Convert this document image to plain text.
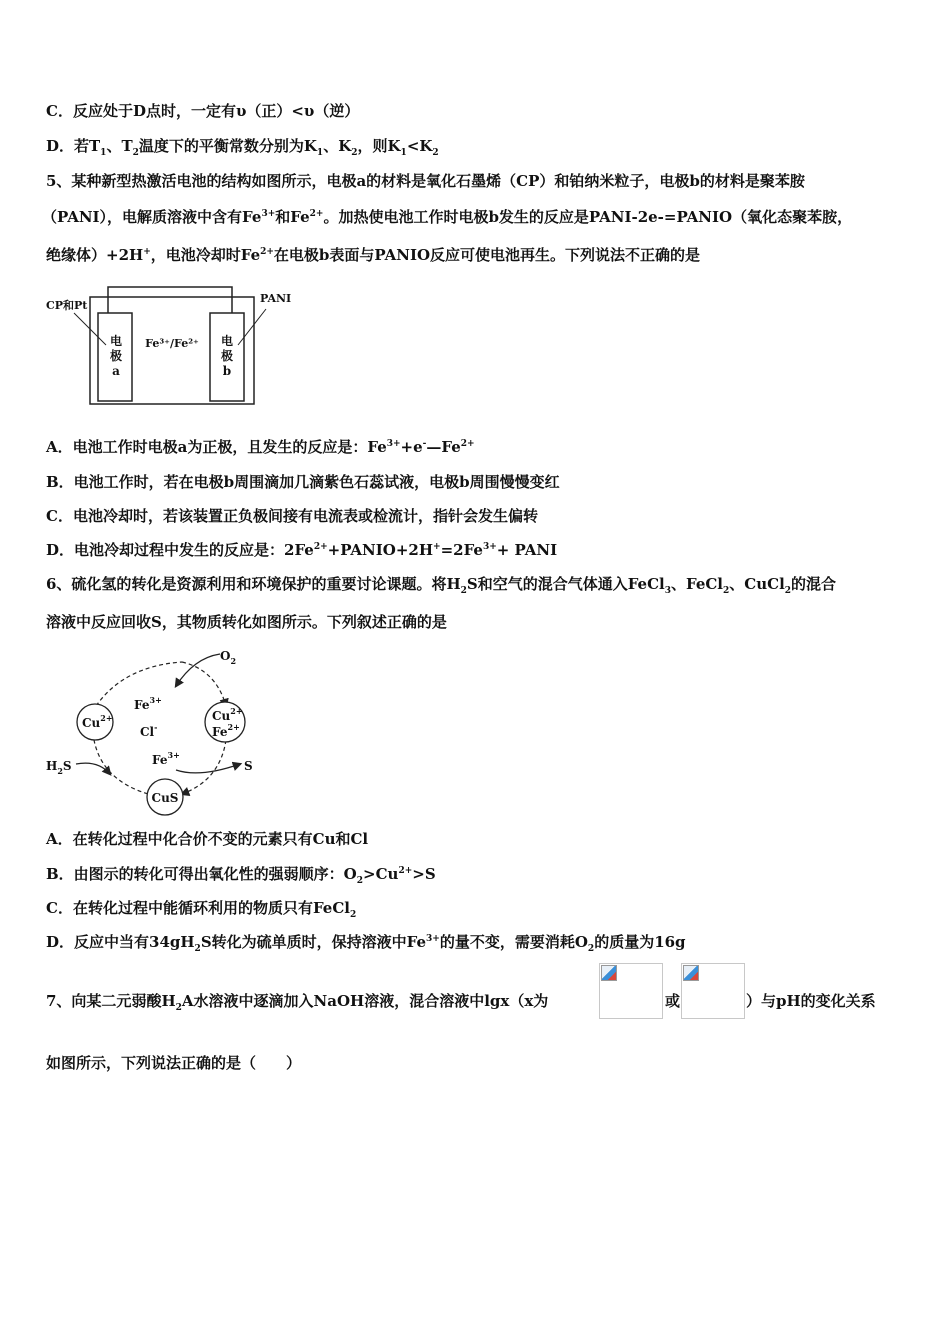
C．反应处于D点时，一定有υ（正）<υ（逆）
D．若$T_1$、$T_2$温度下的平衡常数分别为$K_1$、$K_2$，则$K_1<K_2$
5、某种新型热激活电池的结构如图所示，电极a的材料是氧化石墨烯（CP）和铂纳米粒子，电极b的材料是聚苯胺
（PANI），电解质溶液中含有$Fe^{3+}$和$Fe^{2+}$。加热使电池工作时电极b发生的反应是PANI-2e-=PANIO（氧化态聚苯胺，
绝缘体）+2H+，电池冷却时$Fe^{2+}$在电极b表面与PANIO反应可使电池再生。下列说法不正确的是
电
极
a
电
极
b
Fe³⁺/Fe²⁺
CP和Pt
PANI
A．电池工作时电极a为正极，且发生的反应是：$Fe^{3+}+e^-—Fe^{2+}$
B．电池工作时，若在电极b周围滴加几滴紫色石蕊试液，电极b周围慢慢变红
C．电池冷却时，若该装置正负极间接有电流表或检流计，指针会发生偏转
D．电池冷却过程中发生的反应是：$2Fe^{2+}+PANIO+2H^+=2Fe^{3+}+$ PANI
6、硫化氢的转化是资源利用和环境保护的重要讨论课题。将$H_2S$和空气的混合气体通入FeCl$_3$、FeCl$_2$、CuCl$_2$的混合
溶液中反应回收S，其物质转化如图所示。下列叙述正确的是
$Cu^{2+}$	$Cu^{2+}$
$Fe^{2+}$
CuS
$Fe^{3+}$
Cl-
$Fe^{3+}$
$O_2$
$H_2S$	S
A．在转化过程中化合价不变的元素只有Cu和Cl
B．由图示的转化可得出氧化性的强弱顺序：$O_2>Cu^{2+}>S$
C．在转化过程中能循环利用的物质只有FeCl$_2$
D．反应中当有$34gH_2S$转化为硫单质时，保持溶液中$Fe^{3+}$的量不变，需要消耗$O_2$的质量为16g
7、向某二元弱酸$H_2A$水溶液中逐滴加入NaOH溶液，混合溶液中lgx（x为	或	）与pH的变化关系
如图所示，下列说法正确的是（　　）
